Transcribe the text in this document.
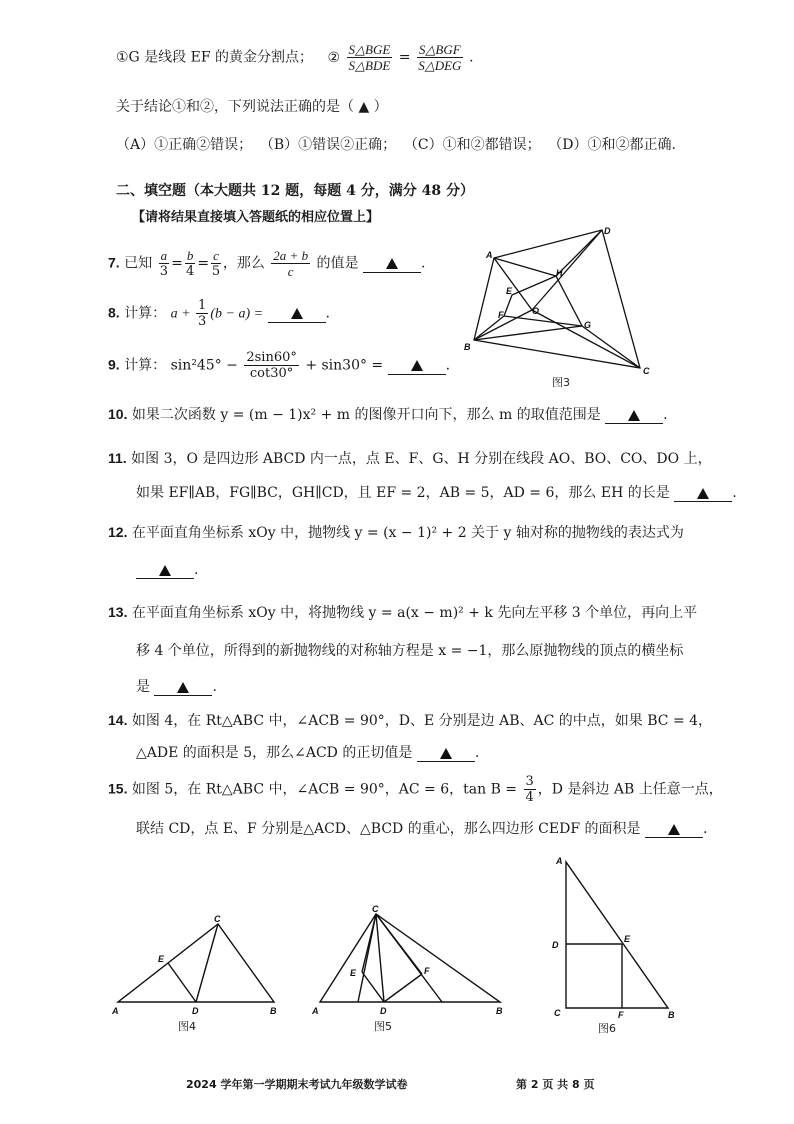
①G 是线段 EF 的黄金分割点； ② $\frac{\text{S△BGE}}{\text{S△BDE}} = \frac{\text{S△BGF}}{\text{S△DEG}}$ .
关于结论①和②，下列说法正确的是（ ▲ ）
（A）①正确②错误； （B）①错误②正确； （C）①和②都错误； （D）①和②都正确.
二、填空题（本大题共 12 题，每题 4 分，满分 48 分）
【请将结果直接填入答题纸的相应位置上】
7. 已知 $\frac{a}{3} = \frac{b}{4} = \frac{c}{5}$ ，那么 $\frac{2a + b}{c}$ 的值是	.
8. 计算： $a + \frac{1}{3} (b - a)$ =	.
9. 计算： $\sin^245^\circ - \frac{2\sin 60^\circ}{\cot 30^\circ} + \sin 30^\circ$ =	.
A
B
C
D
E
F
G
H
O
图3
10. 如果二次函数 y = (m − 1)x² + m 的图像开口向下，那么 m 的取值范围是	.
11. 如图 3，O 是四边形 ABCD 内一点，点 E、F、G、H 分别在线段 AO、BO、CO、DO 上，
如果 EF∥AB，FG∥BC，GH∥CD，且 EF = 2，AB = 5，AD = 6，那么 EH 的长是	.
12. 在平面直角坐标系 xOy 中，抛物线 y = (x − 1)² + 2 关于 y 轴对称的抛物线的表达式为
.
13. 在平面直角坐标系 xOy 中，将抛物线 y = a(x − m)² + k 先向左平移 3 个单位，再向上平
移 4 个单位，所得到的新抛物线的对称轴方程是 x = −1，那么原抛物线的顶点的横坐标
是	.
14. 如图 4，在 Rt△ABC 中，∠ACB = 90°，D、E 分别是边 AB、AC 的中点，如果 BC = 4，
△ADE 的面积是 5，那么∠ACD 的正切值是	.
15. 如图 5，在 Rt△ABC 中，∠ACB = 90°，AC = 6，$\tan B = \frac{3}{4}$ ，D 是斜边 AB 上任意一点，
联结 CD，点 E、F 分别是△ACD、△BCD 的重心，那么四边形 CEDF 的面积是	.
A	B
C
D
E
图4
A	B
C
D
E	F
图5
A
B
C
D
E
F
图6
2024 学年第一学期期末考试九年级数学试卷	第 2 页 共 8 页
